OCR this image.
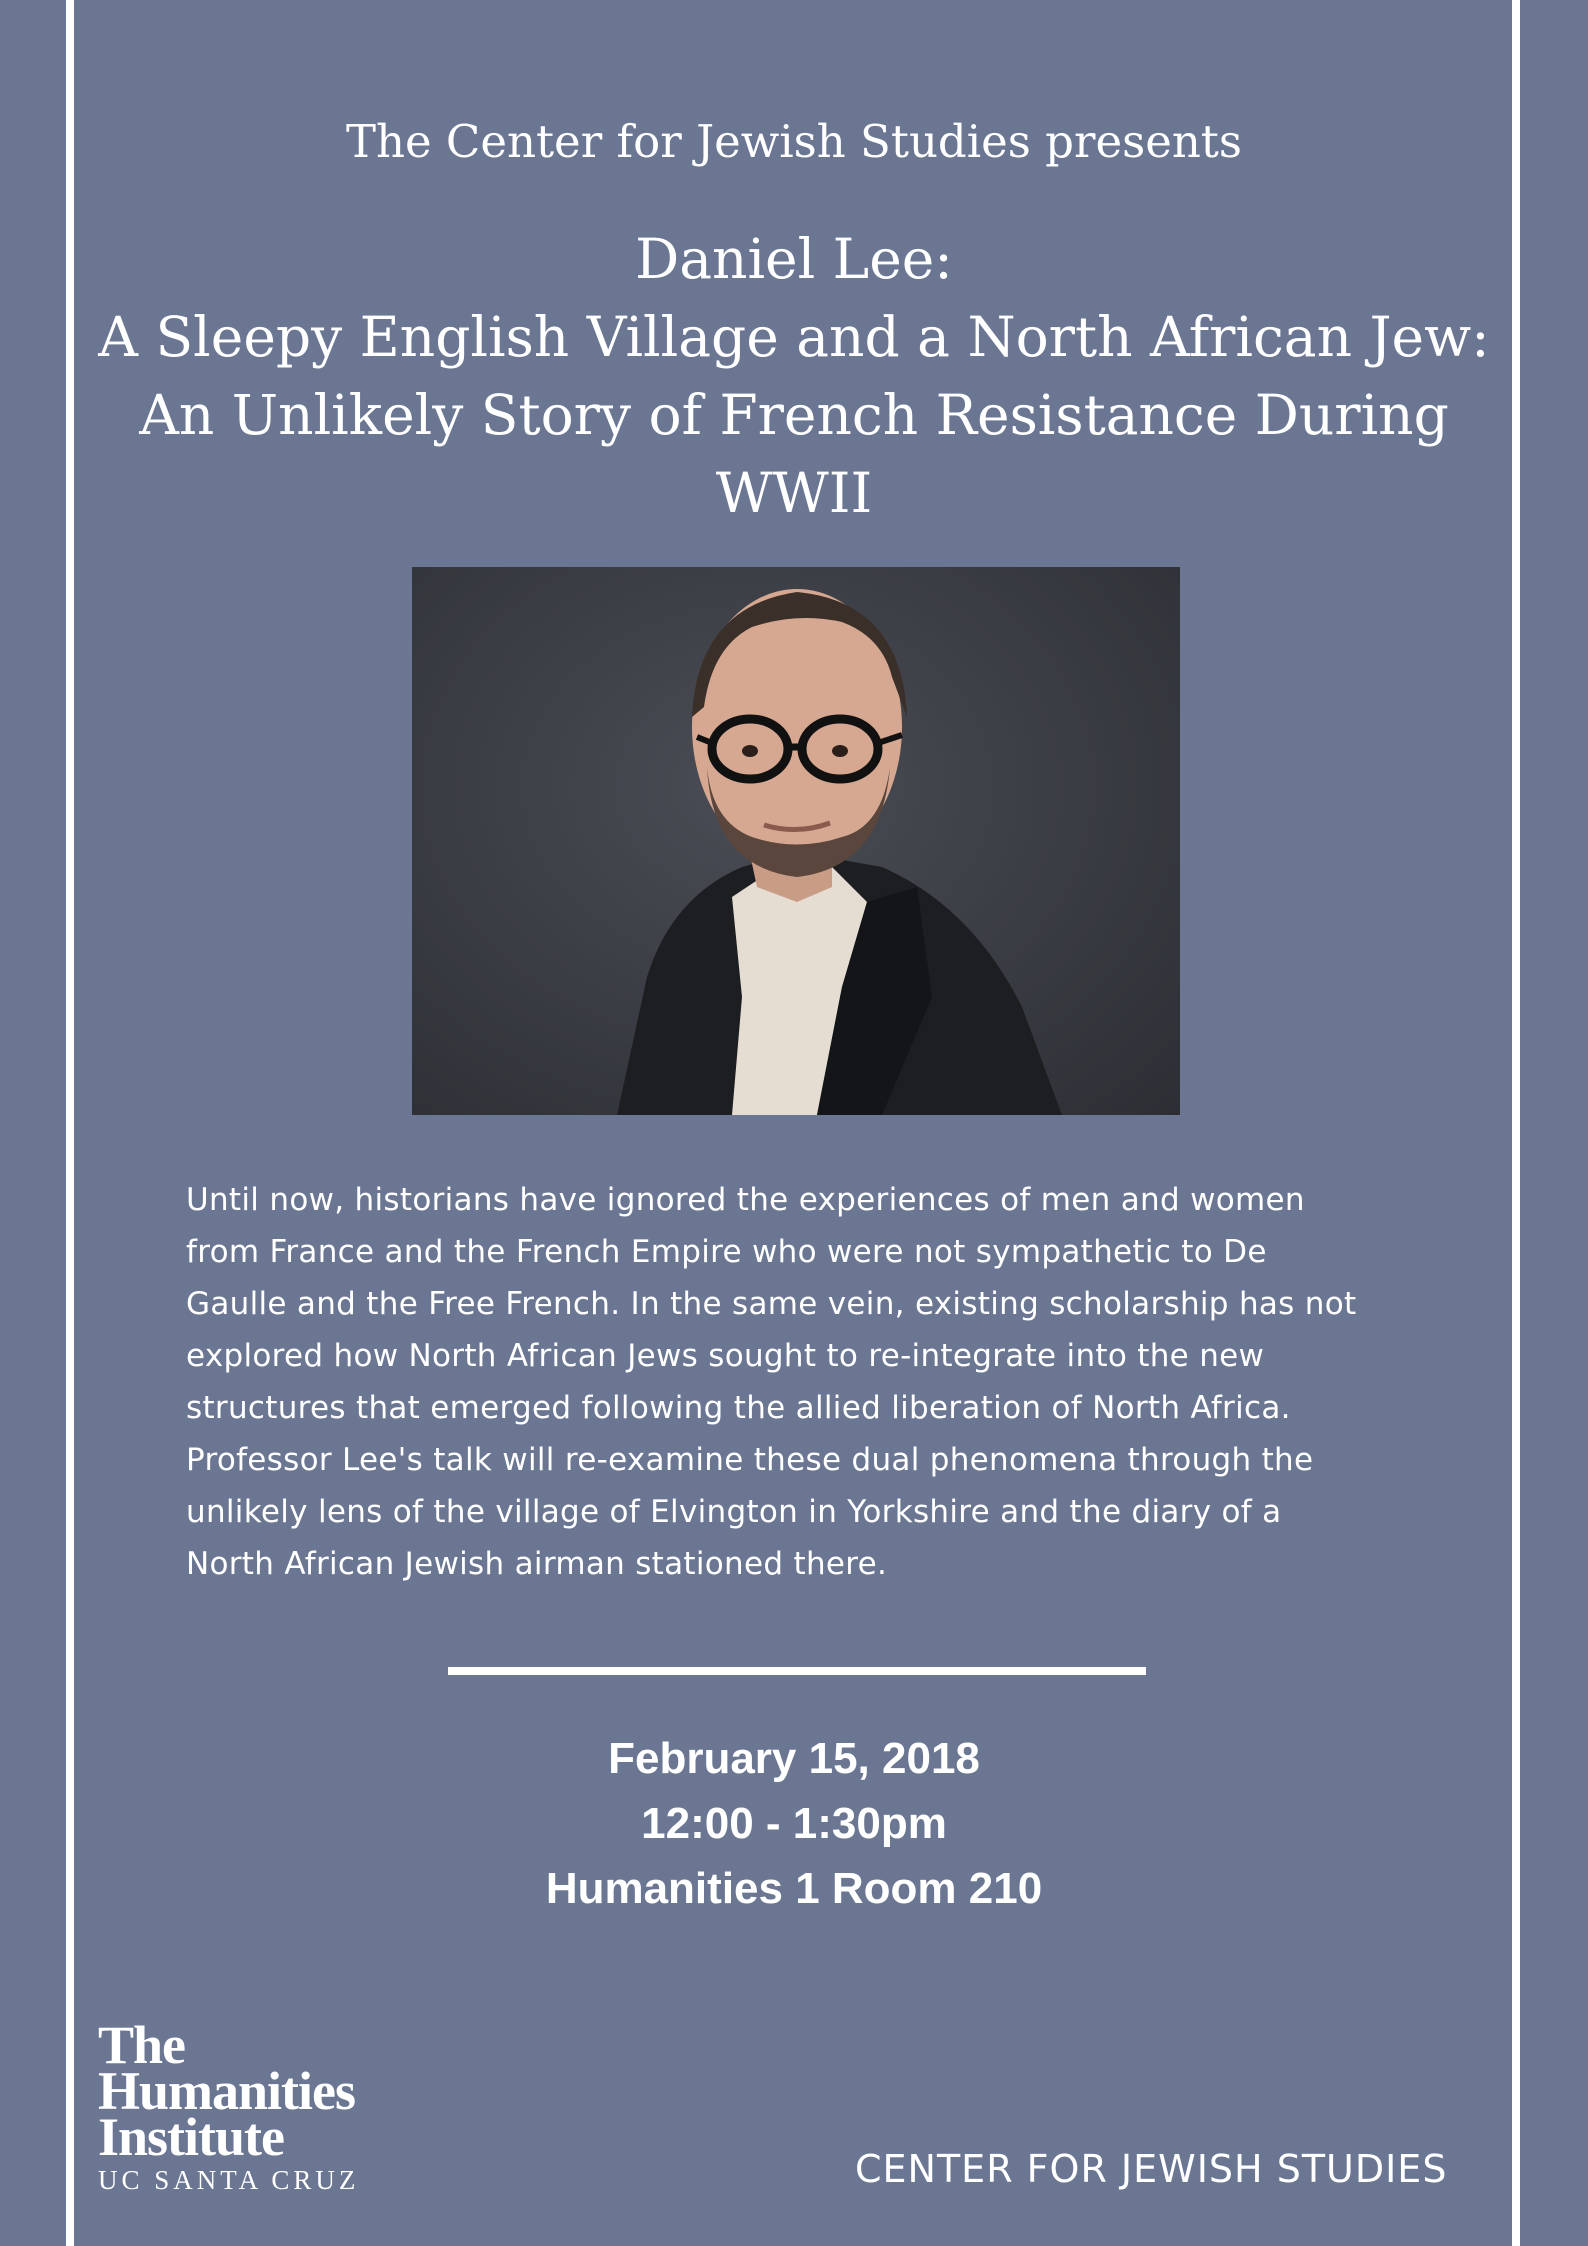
The Center for Jewish Studies presents
Daniel Lee:
A Sleepy English Village and a North African Jew:
An Unlikely Story of French Resistance During
WWII
Until now, historians have ignored the experiences of men and women
from France and the French Empire who were not sympathetic to De
Gaulle and the Free French. In the same vein, existing scholarship has not
explored how North African Jews sought to re-integrate into the new
structures that emerged following the allied liberation of North Africa.
Professor Lee's talk will re-examine these dual phenomena through the
unlikely lens of the village of Elvington in Yorkshire and the diary of a
North African Jewish airman stationed there.
February 15, 2018
12:00 - 1:30pm
Humanities 1 Room 210
The
Humanities
Institute
UC SANTA CRUZ	CENTER FOR JEWISH STUDIES
